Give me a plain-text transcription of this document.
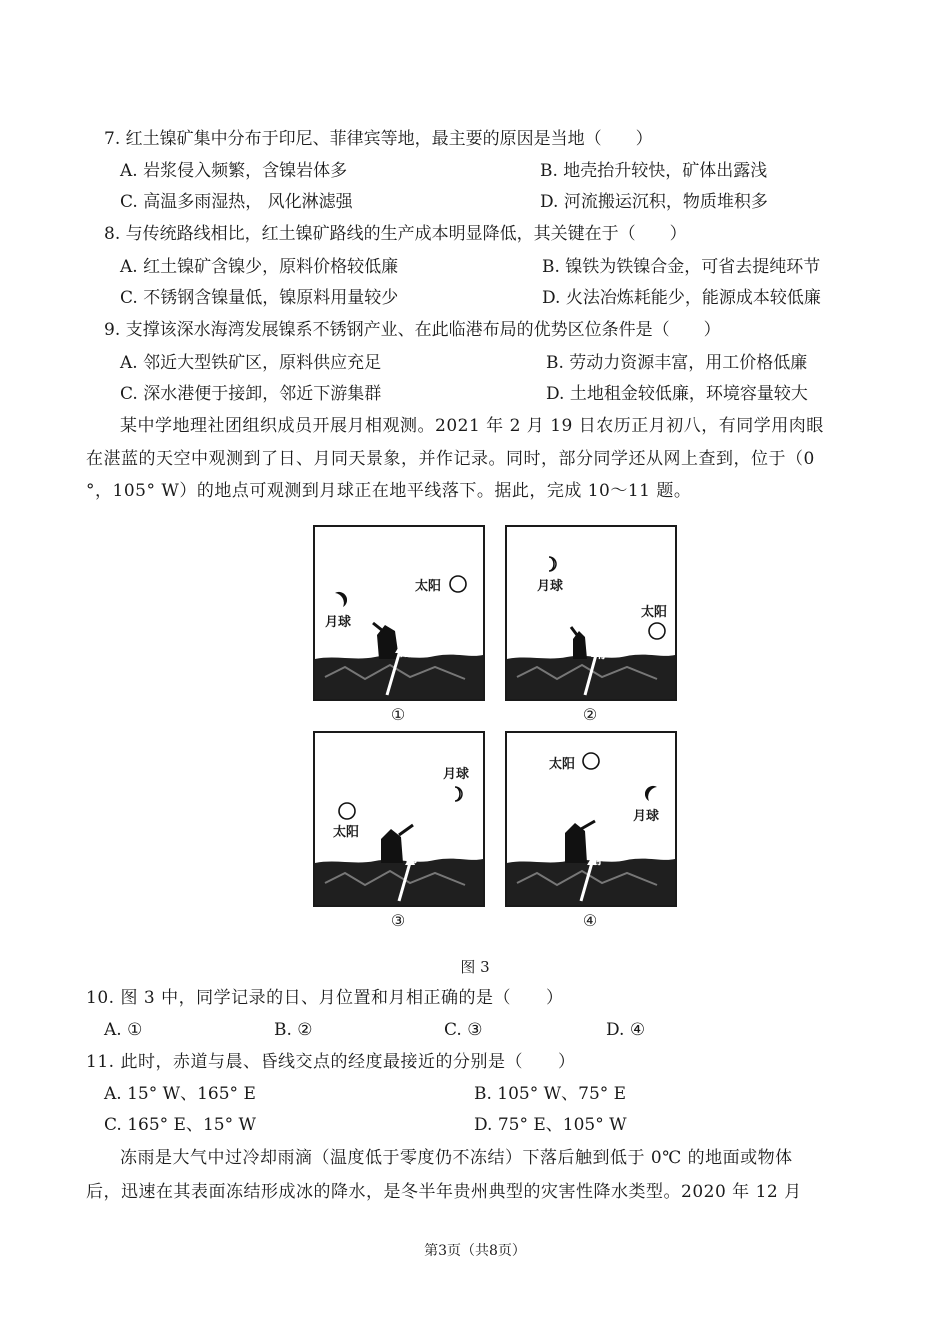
7. 红土镍矿集中分布于印尼、菲律宾等地，最主要的原因是当地（　　）
A. 岩浆侵入频繁，含镍岩体多	B. 地壳抬升较快，矿体出露浅
C. 高温多雨湿热， 风化淋滤强	D. 河流搬运沉积，物质堆积多
8. 与传统路线相比，红土镍矿路线的生产成本明显降低，其关键在于（　　）
A. 红土镍矿含镍少，原料价格较低廉	B. 镍铁为铁镍合金，可省去提纯环节
C. 不锈钢含镍量低，镍原料用量较少	D. 火法冶炼耗能少，能源成本较低廉
9. 支撑该深水海湾发展镍系不锈钢产业、在此临港布局的优势区位条件是（　　）
A. 邻近大型铁矿区，原料供应充足	B. 劳动力资源丰富，用工价格低廉
C. 深水港便于接卸，邻近下游集群	D. 土地租金较低廉，环境容量较大
某中学地理社团组织成员开展月相观测。2021 年 2 月 19 日农历正月初八，有同学用肉眼
在湛蓝的天空中观测到了日、月同天景象，并作记录。同时，部分同学还从网上查到，位于（0
°，105° W）的地点可观测到月球正在地平线落下。据此，完成 10～11 题。
月球
太阳
南
月球
太阳
南
①	②
太阳
月球
南
太阳
月球
南
③	④
图 3
10. 图 3 中，同学记录的日、月位置和月相正确的是（　　）
A. ①	B. ②	C. ③	D. ④
11. 此时，赤道与晨、昏线交点的经度最接近的分别是（　　）
A. 15° W、165° E	B. 105° W、75° E
C. 165° E、15° W	D. 75° E、105° W
冻雨是大气中过冷却雨滴（温度低于零度仍不冻结）下落后触到低于 0℃ 的地面或物体
后，迅速在其表面冻结形成冰的降水，是冬半年贵州典型的灾害性降水类型。2020 年 12 月
第3页（共8页）
